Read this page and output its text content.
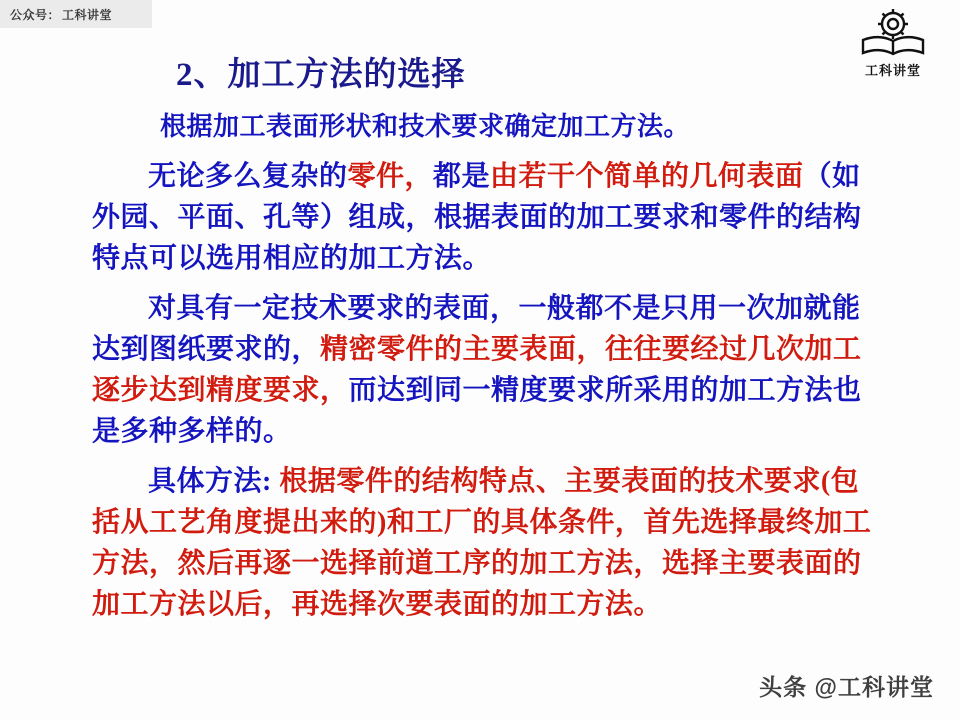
公众号： 工科讲堂
工科讲堂
2、加工方法的选择
根据加工表面形状和技术要求确定加工方法。

无论多么复杂的零件，都是由若干个简单的几何表面（如外园、平面、孔等）组成，根据表面的加工要求和零件的结构特点可以选用相应的加工方法。

对具有一定技术要求的表面，一般都不是只用一次加就能达到图纸要求的，精密零件的主要表面，往往要经过几次加工逐步达到精度要求，而达到同一精度要求所采用的加工方法也是多种多样的。

具体方法: 根据零件的结构特点、主要表面的技术要求(包括从工艺角度提出来的)和工厂的具体条件，首先选择最终加工方法，然后再逐一选择前道工序的加工方法，选择主要表面的加工方法以后，再选择次要表面的加工方法。

头条 @工科讲堂
